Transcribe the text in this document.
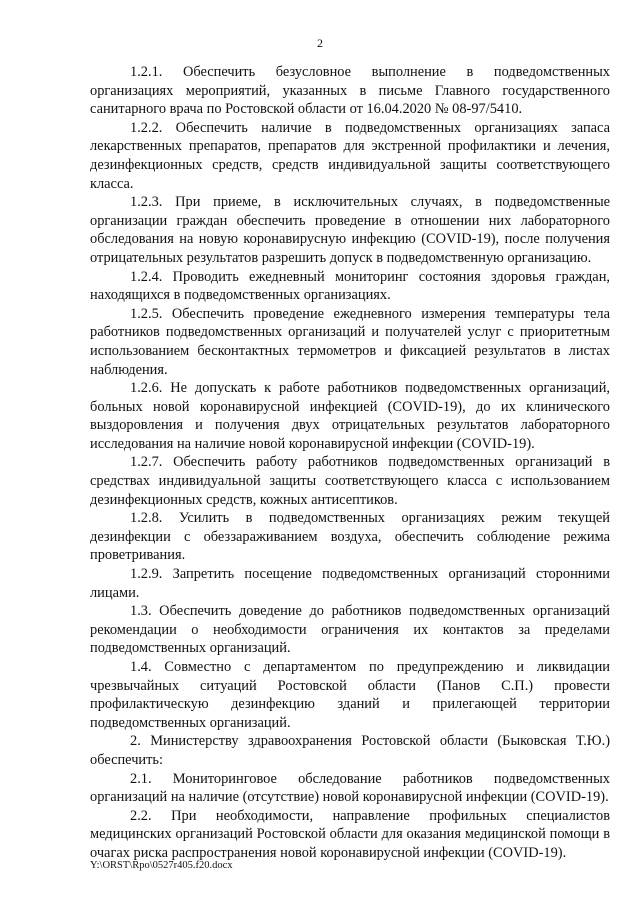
2

1.2.1. Обеспечить безусловное выполнение в подведомственных организациях мероприятий, указанных в письме Главного государственного санитарного врача по Ростовской области от 16.04.2020 № 08-97/5410.

1.2.2. Обеспечить наличие в подведомственных организациях запаса лекарственных препаратов, препаратов для экстренной профилактики и лечения, дезинфекционных средств, средств индивидуальной защиты соответствующего класса.

1.2.3. При приеме, в исключительных случаях, в подведомственные организации граждан обеспечить проведение в отношении них лабораторного обследования на новую коронавирусную инфекцию (COVID-19), после получения отрицательных результатов разрешить допуск в подведомственную организацию.

1.2.4. Проводить ежедневный мониторинг состояния здоровья граждан, находящихся в подведомственных организациях.

1.2.5. Обеспечить проведение ежедневного измерения температуры тела работников подведомственных организаций и получателей услуг с приоритетным использованием бесконтактных термометров и фиксацией результатов в листах наблюдения.

1.2.6. Не допускать к работе работников подведомственных организаций, больных новой коронавирусной инфекцией (COVID-19), до их клинического выздоровления и получения двух отрицательных результатов лабораторного исследования на наличие новой коронавирусной инфекции (COVID-19).

1.2.7. Обеспечить работу работников подведомственных организаций в средствах индивидуальной защиты соответствующего класса с использованием дезинфекционных средств, кожных антисептиков.

1.2.8. Усилить в подведомственных организациях режим текущей дезинфекции с обеззараживанием воздуха, обеспечить соблюдение режима проветривания.

1.2.9. Запретить посещение подведомственных организаций сторонними лицами.

1.3. Обеспечить доведение до работников подведомственных организаций рекомендации о необходимости ограничения их контактов за пределами подведомственных организаций.

1.4. Совместно с департаментом по предупреждению и ликвидации чрезвычайных ситуаций Ростовской области (Панов С.П.) провести профилактическую дезинфекцию зданий и прилегающей территории подведомственных организаций.

2. Министерству здравоохранения Ростовской области (Быковская Т.Ю.) обеспечить:

2.1. Мониторинговое обследование работников подведомственных организаций на наличие (отсутствие) новой коронавирусной инфекции (COVID-19).

2.2. При необходимости, направление профильных специалистов медицинских организаций Ростовской области для оказания медицинской помощи в очагах риска распространения новой коронавирусной инфекции (COVID-19).

Y:\ORST\Rpo\0527r405.f20.docx
